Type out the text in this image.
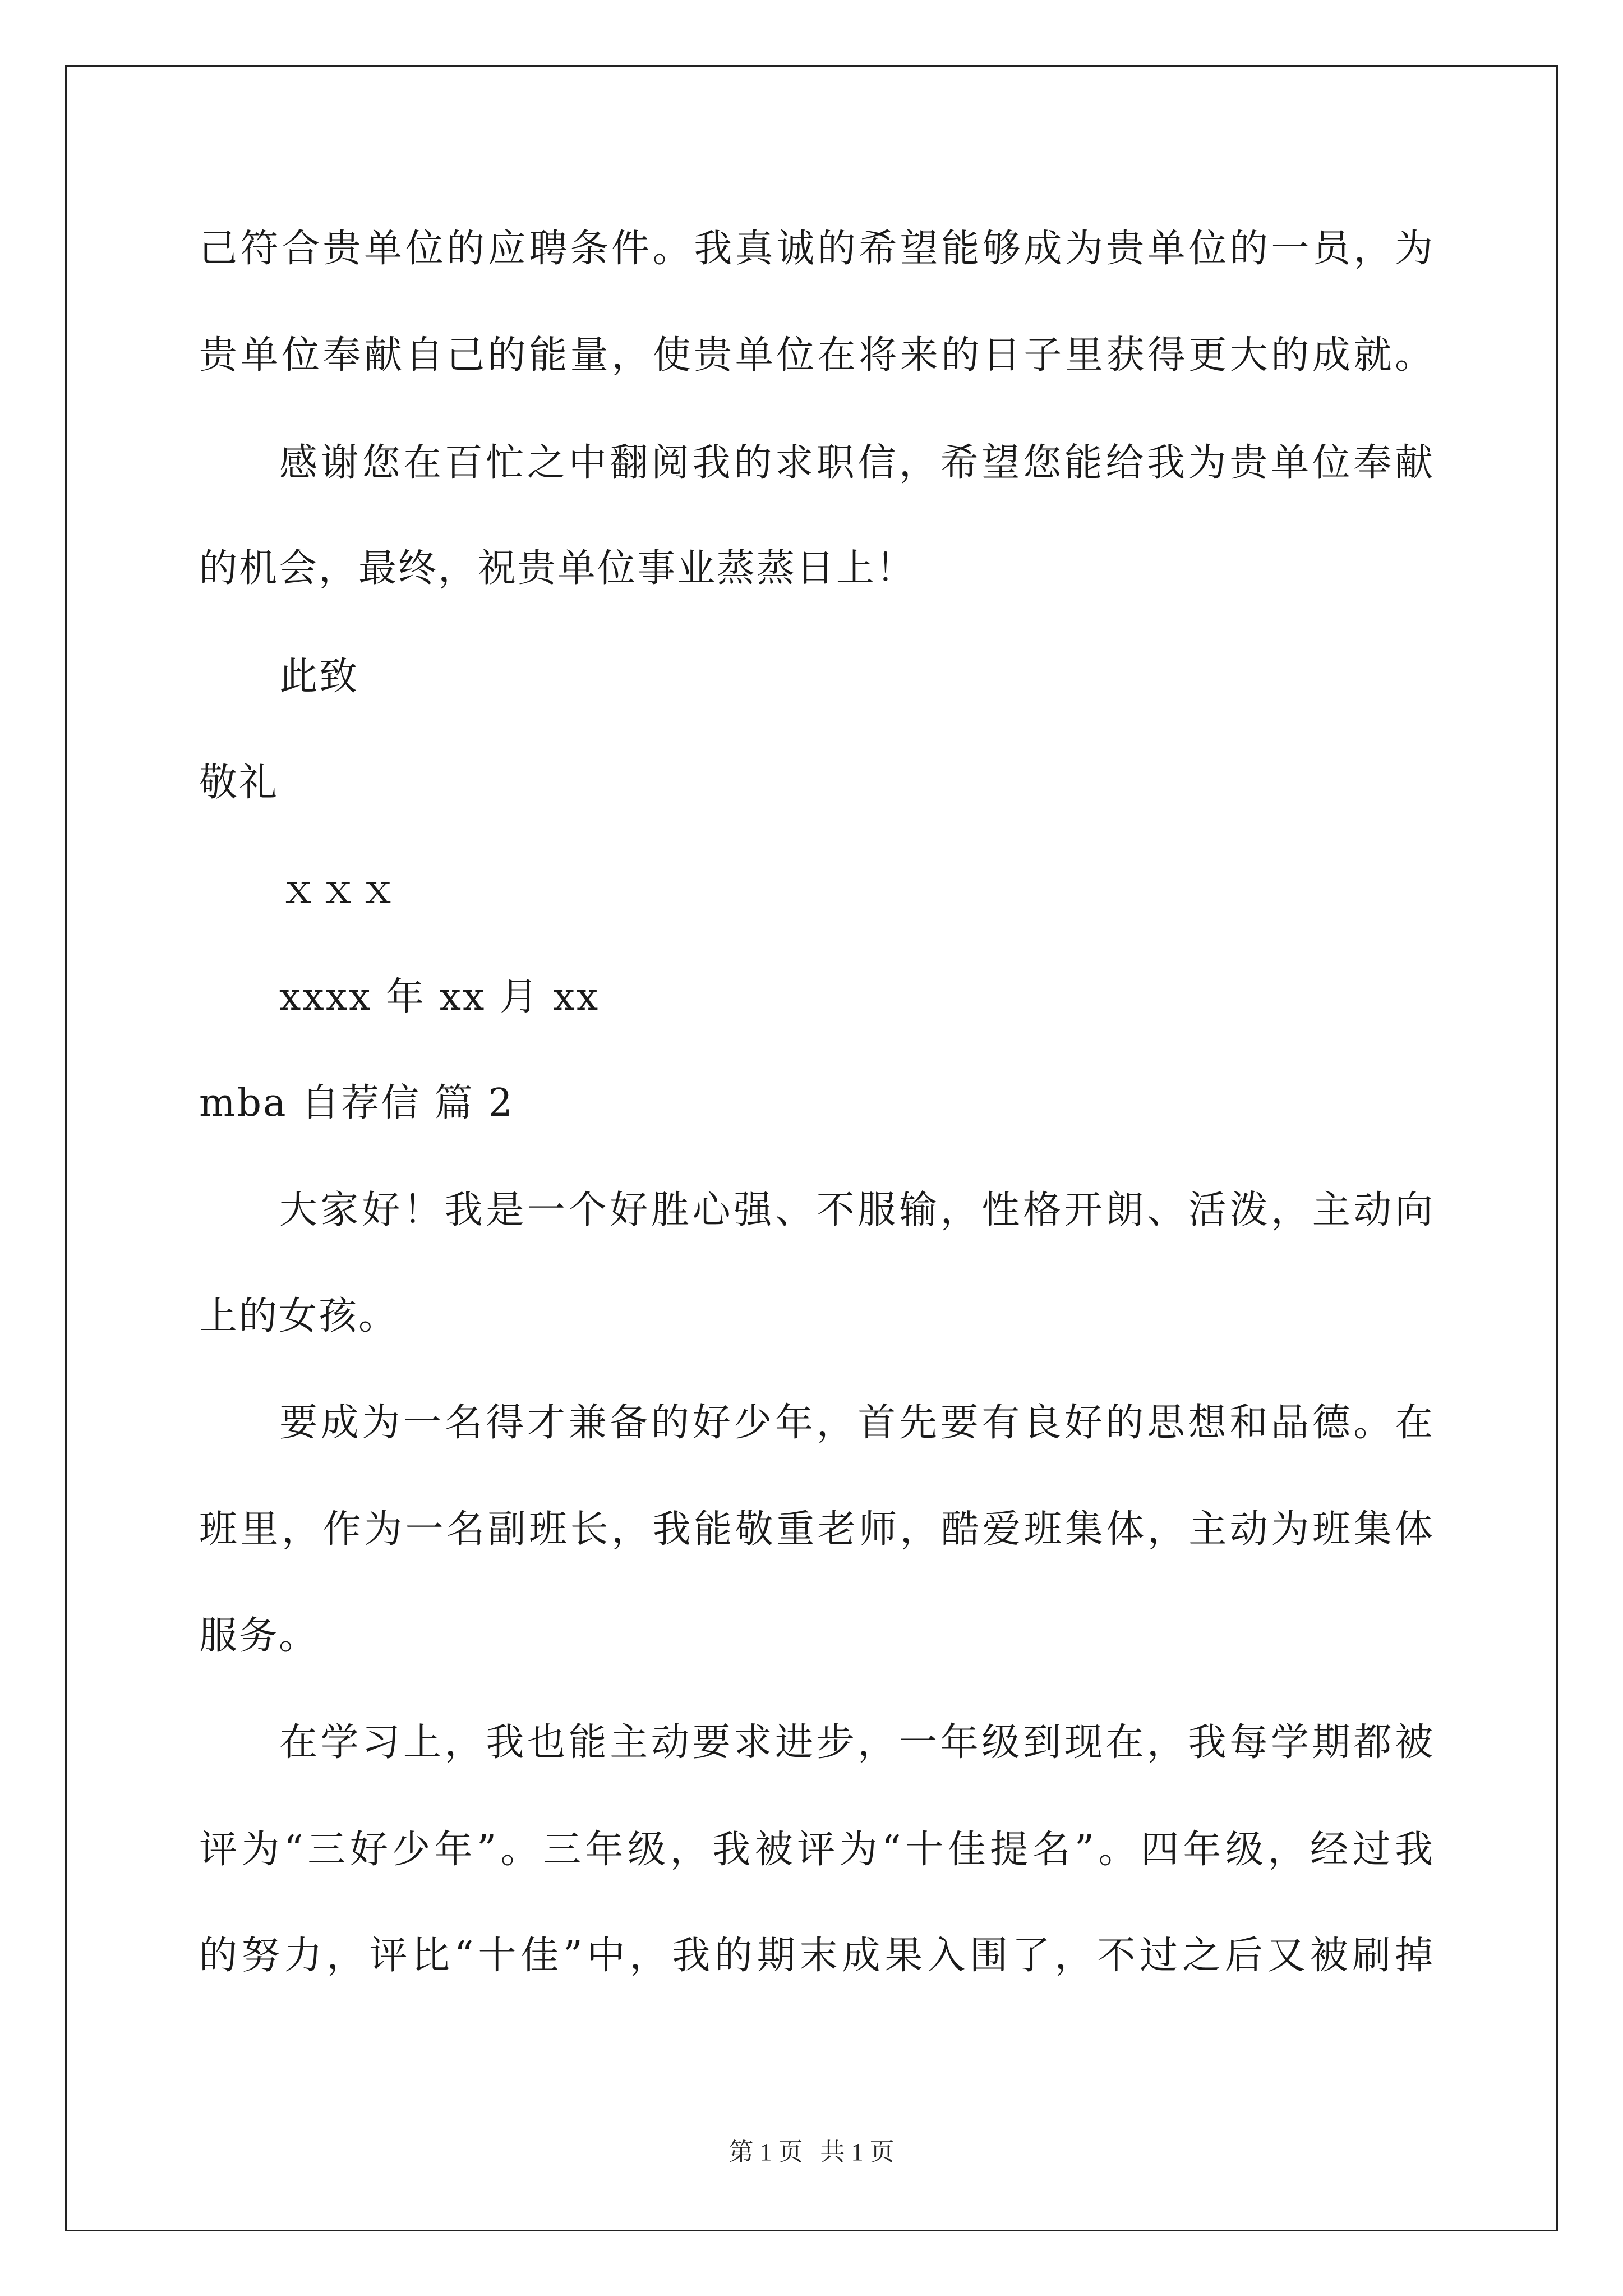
己符合贵单位的应聘条件。我真诚的希望能够成为贵单位的一员，为
贵单位奉献自己的能量，使贵单位在将来的日子里获得更大的成就。
感谢您在百忙之中翻阅我的求职信，希望您能给我为贵单位奉献
的机会，最终，祝贵单位事业蒸蒸日上！
此致
敬礼
ｘｘｘ
xxxx 年 xx 月 xx
mba 自荐信 篇 2
大家好！我是一个好胜心强、不服输，性格开朗、活泼，主动向
上的女孩。
要成为一名得才兼备的好少年，首先要有良好的思想和品德。在
班里，作为一名副班长，我能敬重老师，酷爱班集体，主动为班集体
服务。
在学习上，我也能主动要求进步，一年级到现在，我每学期都被
评为“三好少年”。三年级，我被评为“十佳提名”。四年级，经过我
的努力，评比“十佳”中，我的期末成果入围了，不过之后又被刷掉
第 1 页 共 1 页
